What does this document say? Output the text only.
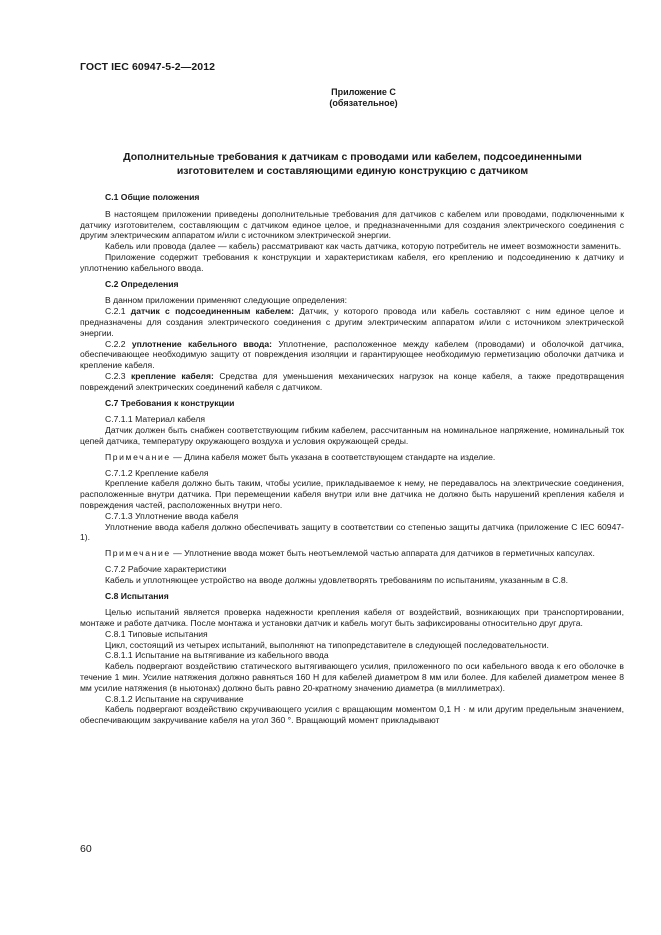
ГОСТ IEC 60947-5-2—2012
Приложение С
(обязательное)
Дополнительные требования к датчикам с проводами или кабелем, подсоединенными
изготовителем и составляющими единую конструкцию с датчиком

С.1 Общие положения

В настоящем приложении приведены дополнительные требования для датчиков с кабелем или проводами, подключенными к датчику изготовителем, составляющим с датчиком единое целое, и предназначенными для создания электрического соединения с другим электрическим аппаратом и/или с источником электрической энергии.

Кабель или провода (далее — кабель) рассматривают как часть датчика, которую потребитель не имеет возможности заменить.

Приложение содержит требования к конструкции и характеристикам кабеля, его креплению и подсоединению к датчику и уплотнению кабельного ввода.

С.2 Определения

В данном приложении применяют следующие определения:

С.2.1 датчик с подсоединенным кабелем: Датчик, у которого провода или кабель составляют с ним единое целое и предназначены для создания электрического соединения с другим электрическим аппаратом и/или с источником электрической энергии.

С.2.2 уплотнение кабельного ввода: Уплотнение, расположенное между кабелем (проводами) и оболочкой датчика, обеспечивающее необходимую защиту от повреждения изоляции и гарантирующее необходимую герметизацию оболочки датчика и крепление кабеля.

С.2.3 крепление кабеля: Средства для уменьшения механических нагрузок на конце кабеля, а также предотвращения повреждений электрических соединений кабеля с датчиком.

С.7 Требования к конструкции

С.7.1.1 Материал кабеля

Датчик должен быть снабжен соответствующим гибким кабелем, рассчитанным на номинальное напряжение, номинальный ток цепей датчика, температуру окружающего воздуха и условия окружающей среды.

Примечание — Длина кабеля может быть указана в соответствующем стандарте на изделие.

С.7.1.2 Крепление кабеля

Крепление кабеля должно быть таким, чтобы усилие, прикладываемое к нему, не передавалось на электрические соединения, расположенные внутри датчика. При перемещении кабеля внутри или вне датчика не должно быть нарушений крепления кабеля и повреждения частей, расположенных внутри него.

С.7.1.3 Уплотнение ввода кабеля

Уплотнение ввода кабеля должно обеспечивать защиту в соответствии со степенью защиты датчика (приложение С IEC 60947-1).

Примечание — Уплотнение ввода может быть неотъемлемой частью аппарата для датчиков в герметичных капсулах.

С.7.2 Рабочие характеристики

Кабель и уплотняющее устройство на вводе должны удовлетворять требованиям по испытаниям, указанным в С.8.

С.8 Испытания

Целью испытаний является проверка надежности крепления кабеля от воздействий, возникающих при транспортировании, монтаже и работе датчика. После монтажа и установки датчик и кабель могут быть зафиксированы относительно друг друга.

С.8.1 Типовые испытания

Цикл, состоящий из четырех испытаний, выполняют на типопредставителе в следующей последовательности.

С.8.1.1 Испытание на вытягивание из кабельного ввода

Кабель подвергают воздействию статического вытягивающего усилия, приложенного по оси кабельного ввода к его оболочке в течение 1 мин. Усилие натяжения должно равняться 160 Н для кабелей диаметром 8 мм или более. Для кабелей диаметром менее 8 мм усилие натяжения (в ньютонах) должно быть равно 20-кратному значению диаметра (в миллиметрах).

С.8.1.2 Испытание на скручивание

Кабель подвергают воздействию скручивающего усилия с вращающим моментом 0,1 Н · м или другим предельным значением, обеспечивающим закручивание кабеля на угол 360 °. Вращающий момент прикладывают

60
